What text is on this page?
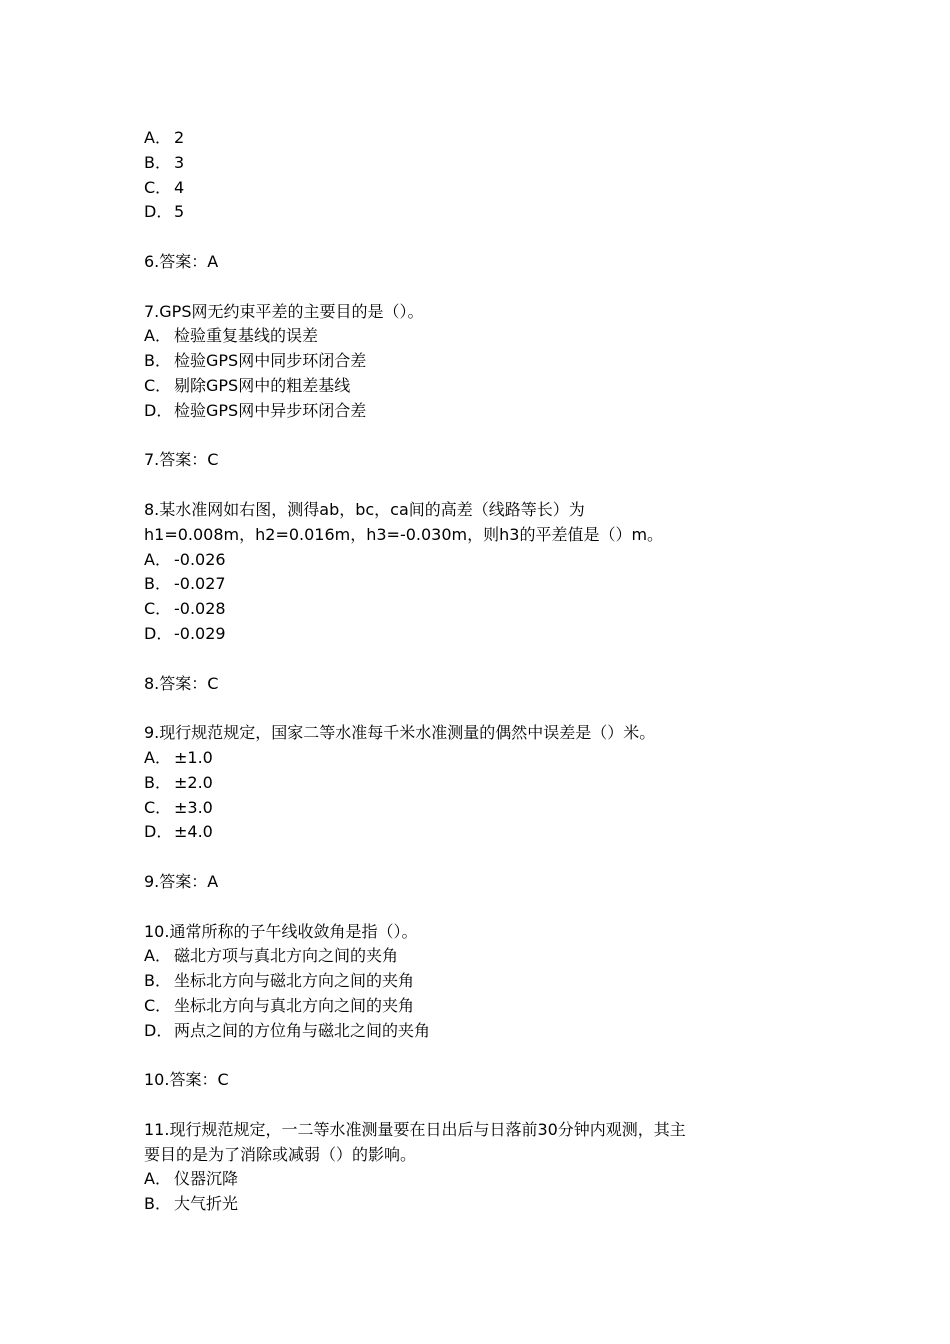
A． 2
B． 3
C． 4
D． 5
6.答案：A
7.GPS网无约束平差的主要目的是（）。
A． 检验重复基线的误差
B． 检验GPS网中同步环闭合差
C． 剔除GPS网中的粗差基线
D． 检验GPS网中异步环闭合差
7.答案：C
8.某水准网如右图，测得ab，bc，ca间的高差（线路等长）为
h1=0.008m，h2=0.016m，h3=-0.030m，则h3的平差值是（）m。
A． -0.026
B． -0.027
C． -0.028
D． -0.029
8.答案：C
9.现行规范规定，国家二等水准每千米水准测量的偶然中误差是（）米。
A． ±1.0
B． ±2.0
C． ±3.0
D． ±4.0
9.答案：A
10.通常所称的子午线收敛角是指（）。
A． 磁北方项与真北方向之间的夹角
B． 坐标北方向与磁北方向之间的夹角
C． 坐标北方向与真北方向之间的夹角
D． 两点之间的方位角与磁北之间的夹角
10.答案：C
11.现行规范规定，一二等水准测量要在日出后与日落前30分钟内观测，其主
要目的是为了消除或减弱（）的影响。
A． 仪器沉降
B． 大气折光
